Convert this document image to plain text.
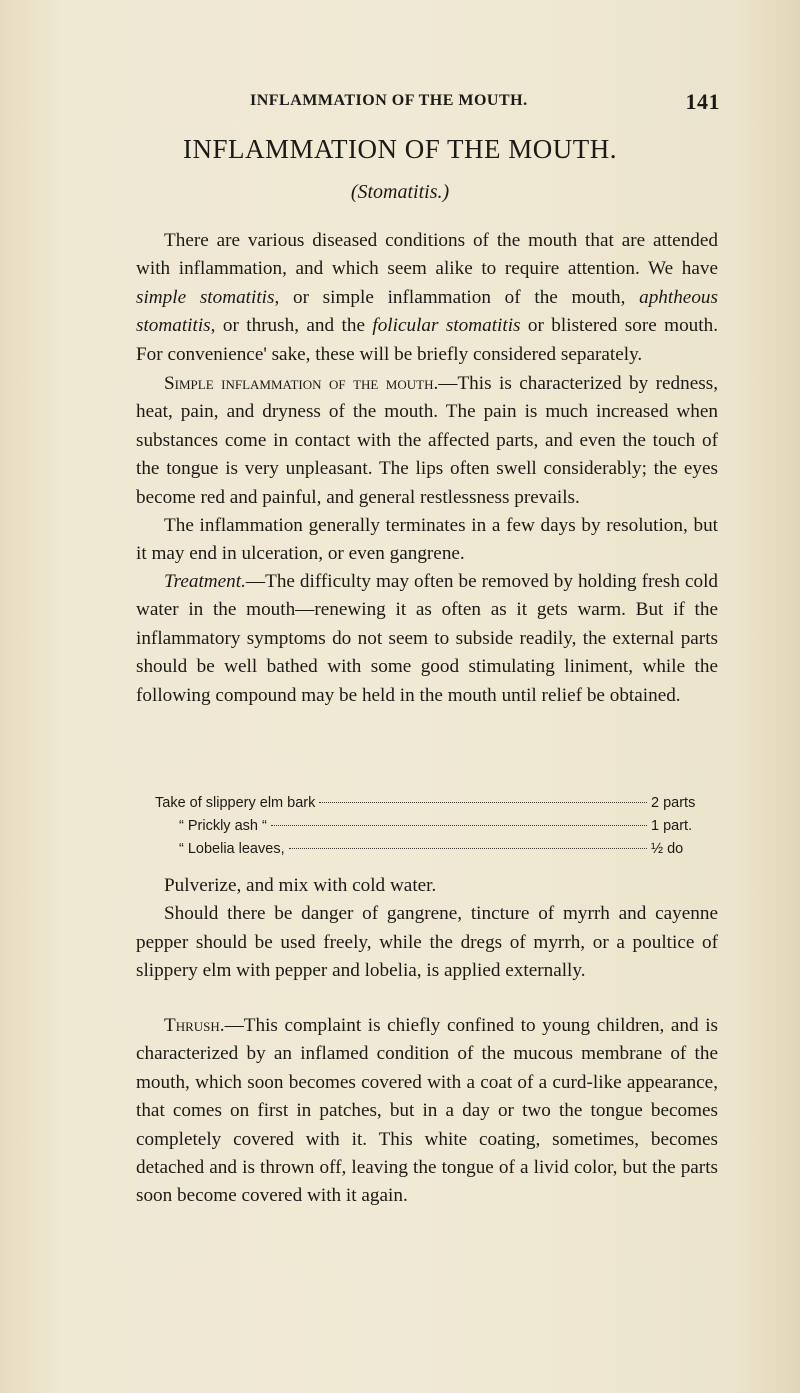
INFLAMMATION OF THE MOUTH.	141
INFLAMMATION OF THE MOUTH.
(Stomatitis.)

There are various diseased conditions of the mouth that are attended with inflammation, and which seem alike to require attention. We have simple stomatitis, or simple inflammation of the mouth, aphtheous stomatitis, or thrush, and the folicular stomatitis or blistered sore mouth. For convenience' sake, these will be briefly considered separately.

Simple inflammation of the mouth.—This is characterized by redness, heat, pain, and dryness of the mouth. The pain is much increased when substances come in contact with the affected parts, and even the touch of the tongue is very unpleasant. The lips often swell considerably; the eyes become red and painful, and general restlessness prevails.

The inflammation generally terminates in a few days by resolution, but it may end in ulceration, or even gangrene.

Treatment.—The difficulty may often be removed by holding fresh cold water in the mouth—renewing it as often as it gets warm. But if the inflammatory symptoms do not seem to subside readily, the external parts should be well bathed with some good stimulating liniment, while the following compound may be held in the mouth until relief be obtained.

Take of slippery elm bark	2 parts
“ Prickly ash “	1 part.
“ Lobelia leaves,	½ do

Pulverize, and mix with cold water.

Should there be danger of gangrene, tincture of myrrh and cayenne pepper should be used freely, while the dregs of myrrh, or a poultice of slippery elm with pepper and lobelia, is applied externally.

Thrush.—This complaint is chiefly confined to young children, and is characterized by an inflamed condition of the mucous membrane of the mouth, which soon becomes covered with a coat of a curd-like appearance, that comes on first in patches, but in a day or two the tongue becomes completely covered with it. This white coating, sometimes, becomes detached and is thrown off, leaving the tongue of a livid color, but the parts soon become covered with it again.
